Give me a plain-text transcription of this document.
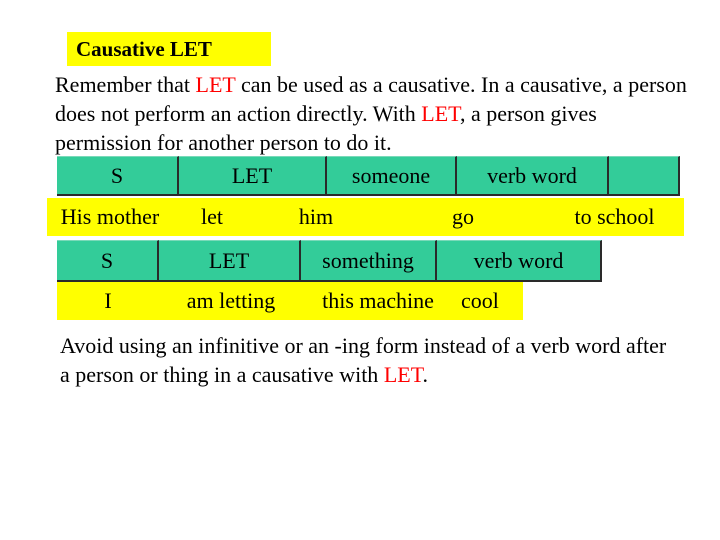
Causative LET
Remember that LET can be used as a causative. In a causative, a person does not perform an action directly. With LET, a person gives permission for another person to do it.
S	LET	someone	verb word
His mother	let	him	go	to school
S	LET	something	verb word
I	am letting	this machine	cool
Avoid using an infinitive or an -ing form instead of a verb word after a person or thing in a causative with LET.
